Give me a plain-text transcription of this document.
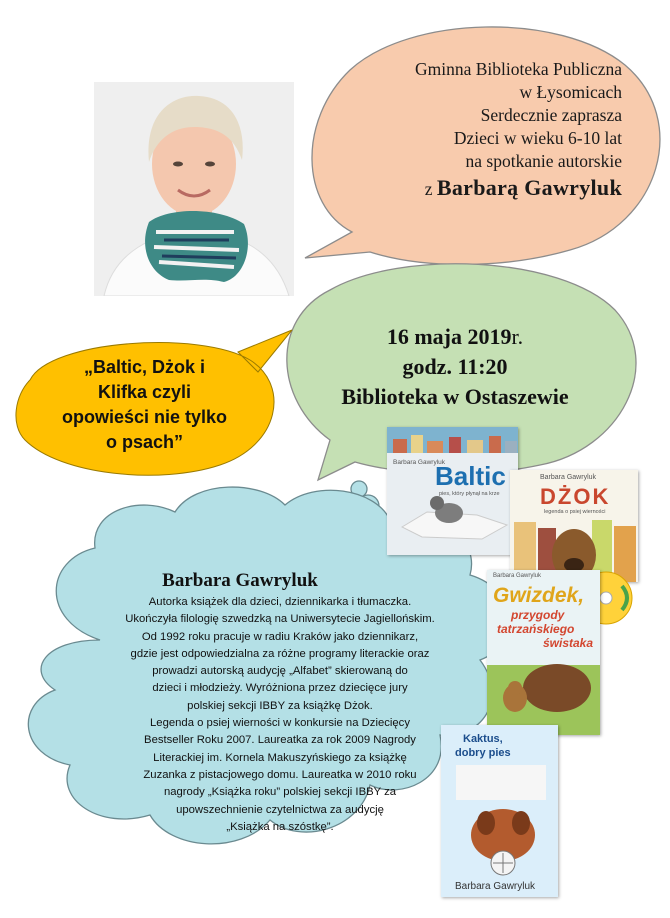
Gminna Biblioteka Publiczna
w Łysomicach
Serdecznie zaprasza
Dzieci w wieku 6-10 lat
na spotkanie autorskie
z Barbarą Gawryluk
16 maja 2019r.
godz. 11:20
Biblioteka w Ostaszewie
„Baltic, Dżok i
Klifka czyli
opowieści nie tylko
o psach”
Barbara Gawryluk
Autorka książek dla dzieci, dziennikarka i tłumaczka.
Ukończyła filologię szwedzką na Uniwersytecie Jagiellońskim.
Od 1992 roku pracuje w radiu Kraków jako dziennikarz,
gdzie jest odpowiedzialna za różne programy literackie oraz
prowadzi autorską audycję „Alfabet” skierowaną do
dzieci i młodzieży. Wyróżniona przez dziecięce jury
polskiej sekcji IBBY za książkę Dżok.
Legenda o psiej wierności w konkursie na Dziecięcy
Bestseller Roku 2007. Laureatka za rok 2009 Nagrody
Literackiej im. Kornela Makuszyńskiego za książkę
Zuzanka z pistacjowego domu. Laureatka w 2010 roku
nagrody „Książka roku” polskiej sekcji IBBY za
upowszechnienie czytelnictwa za audycję
„Książka na szóstkę”.
Barbara Gawryluk
Baltic
pies, który płynął na krze
Barbara Gawryluk
DŻOK
legenda o psiej wierności
Barbara Gawryluk
Gwizdek,
przygody
tatrzańskiego
świstaka
Kaktus,
dobry pies
Barbara Gawryluk
